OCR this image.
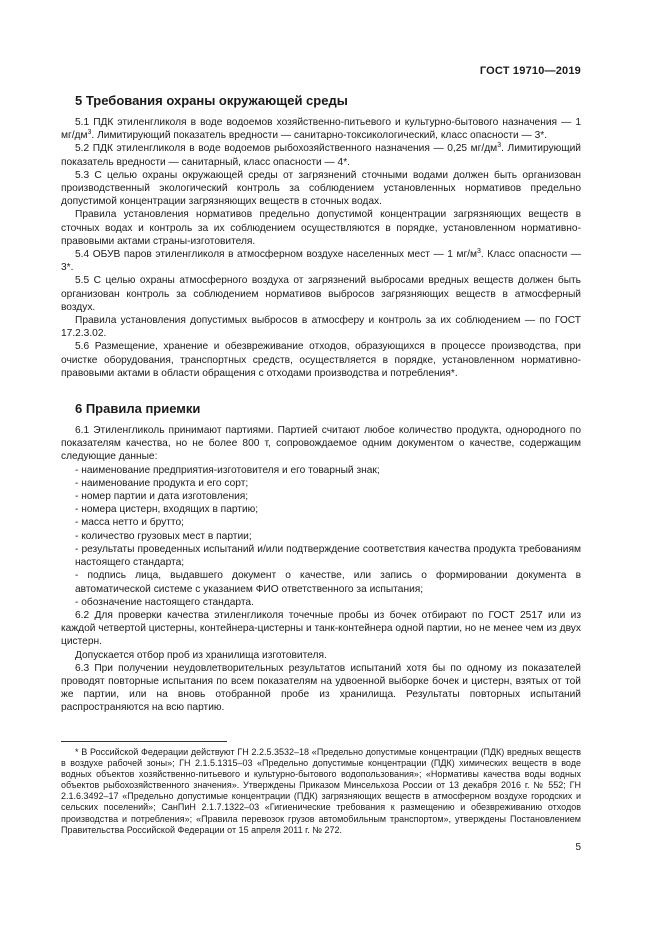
ГОСТ 19710—2019
5 Требования охраны окружающей среды

5.1 ПДК этиленгликоля в воде водоемов хозяйственно-питьевого и культурно-бытового назначения — 1 $мг/дм^3$. Лимитирующий показатель вредности — санитарно-токсикологический, класс опасности — 3*.

5.2 ПДК этиленгликоля в воде водоемов рыбохозяйственного назначения — 0,25 $мг/дм^3$. Лимитирующий показатель вредности — санитарный, класс опасности — 4*.

5.3 С целью охраны окружающей среды от загрязнений сточными водами должен быть организован производственный экологический контроль за соблюдением установленных нормативов предельно допустимой концентрации загрязняющих веществ в сточных водах.

Правила установления нормативов предельно допустимой концентрации загрязняющих веществ в сточных водах и контроль за их соблюдением осуществляются в порядке, установленном нормативно-правовыми актами страны-изготовителя.

5.4 ОБУВ паров этиленгликоля в атмосферном воздухе населенных мест — 1 $мг/м^3$. Класс опасности — 3*.

5.5 С целью охраны атмосферного воздуха от загрязнений выбросами вредных веществ должен быть организован контроль за соблюдением нормативов выбросов загрязняющих веществ в атмосферный воздух.

Правила установления допустимых выбросов в атмосферу и контроль за их соблюдением — по ГОСТ 17.2.3.02.

5.6 Размещение, хранение и обезвреживание отходов, образующихся в процессе производства, при очистке оборудования, транспортных средств, осуществляется в порядке, установленном нормативно-правовыми актами в области обращения с отходами производства и потребления*.

6 Правила приемки

6.1 Этиленгликоль принимают партиями. Партией считают любое количество продукта, однородного по показателям качества, но не более 800 т, сопровождаемое одним документом о качестве, содержащим следующие данные:

- наименование предприятия-изготовителя и его товарный знак;
- наименование продукта и его сорт;
- номер партии и дата изготовления;
- номера цистерн, входящих в партию;
- масса нетто и брутто;
- количество грузовых мест в партии;
- результаты проведенных испытаний и/или подтверждение соответствия качества продукта требованиям настоящего стандарта;
- подпись лица, выдавшего документ о качестве, или запись о формировании документа в автоматической системе с указанием ФИО ответственного за испытания;
- обозначение настоящего стандарта.

6.2 Для проверки качества этиленгликоля точечные пробы из бочек отбирают по ГОСТ 2517 или из каждой четвертой цистерны, контейнера-цистерны и танк-контейнера одной партии, но не менее чем из двух цистерн.

Допускается отбор проб из хранилища изготовителя.

6.3 При получении неудовлетворительных результатов испытаний хотя бы по одному из показателей проводят повторные испытания по всем показателям на удвоенной выборке бочек и цистерн, взятых от той же партии, или на вновь отобранной пробе из хранилища. Результаты повторных испытаний распространяются на всю партию.

* В Российской Федерации действуют ГН 2.2.5.3532–18 «Предельно допустимые концентрации (ПДК) вредных веществ в воздухе рабочей зоны»; ГН 2.1.5.1315–03 «Предельно допустимые концентрации (ПДК) химических веществ в воде водных объектов хозяйственно-питьевого и культурно-бытового водопользования»; «Нормативы качества воды водных объектов рыбохозяйственного значения». Утверждены Приказом Минсельхоза России от 13 декабря 2016 г. № 552; ГН 2.1.6.3492–17 «Предельно допустимые концентрации (ПДК) загрязняющих веществ в атмосферном воздухе городских и сельских поселений»; СанПиН 2.1.7.1322–03 «Гигиенические требования к размещению и обезвреживанию отходов производства и потребления»; «Правила перевозок грузов автомобильным транспортом», утверждены Постановлением Правительства Российской Федерации от 15 апреля 2011 г. № 272.

5
